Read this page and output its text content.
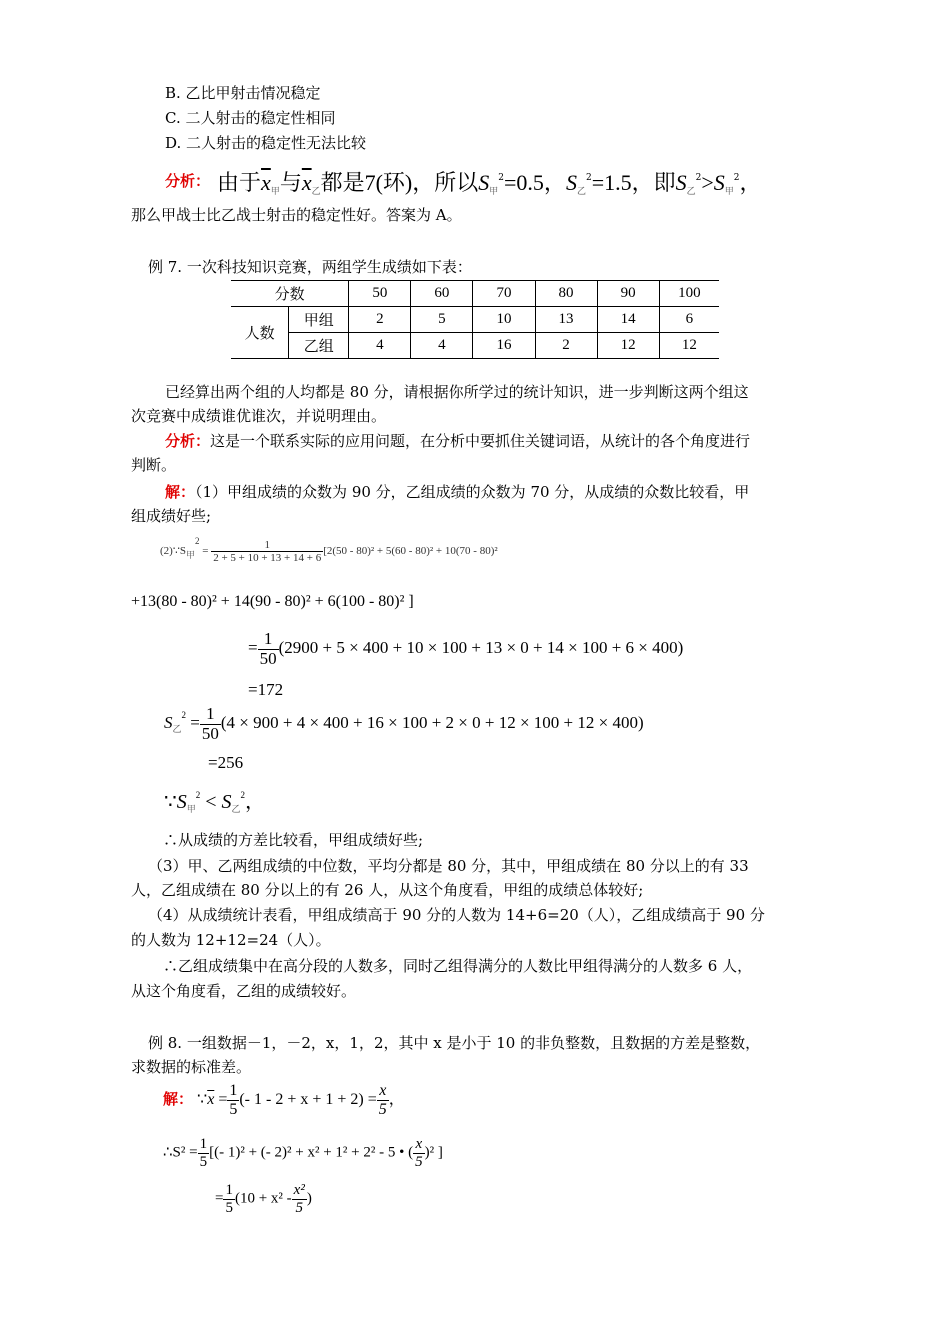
B. 乙比甲射击情况稳定
C. 二人射击的稳定性相同
D. 二人射击的稳定性无法比较
分析： 由于$\overline{x}_甲$与$\overline{x}_乙$都是7(环)，所以$S_甲^2=0.5$，$S_乙^2=1.5$，即$S_乙^2>S_甲^2$，
那么甲战士比乙战士射击的稳定性好。答案为 A。
例 7. 一次科技知识竞赛，两组学生成绩如下表：
分数		50	60	70	80	90	100
人数	甲组	2	5	10	13	14	6
	乙组	4	4	16	2	12	12
已经算出两个组的人均都是 80 分，请根据你所学过的统计知识，进一步判断这两个组这
次竞赛中成绩谁优谁次，并说明理由。
分析：这是一个联系实际的应用问题，在分析中要抓住关键词语，从统计的各个角度进行
判断。
解：（1）甲组成绩的众数为 90 分，乙组成绩的众数为 70 分，从成绩的众数比较看，甲
组成绩好些;
$(2)\because S_甲^2 = \frac{1}{2 + 5 + 10 + 13 + 14 + 6} [2(50 - 80)^2 + 5(60 - 80)^2 + 10(70 - 80)^2$
+13(80 - 80)² + 14(90 - 80)² + 6(100 - 80)² ]
= $\frac{1}{50} (2900 + 5 \times 400 + 10 \times 100 + 13 \times 0 + 14 \times 100 + 6 \times 400)$
=172
$S_乙^2 = \frac{1}{50} (4 \times 900 + 4 \times 400 + 16 \times 100 + 2 \times 0 + 12 \times 100 + 12 \times 400)$
=256
$\because S_甲^2 < S_乙^2$，
∴从成绩的方差比较看，甲组成绩好些;
（3）甲、乙两组成绩的中位数，平均分都是 80 分，其中，甲组成绩在 80 分以上的有 33
人，乙组成绩在 80 分以上的有 26 人，从这个角度看，甲组的成绩总体较好;
（4）从成绩统计表看，甲组成绩高于 90 分的人数为 14+6=20（人），乙组成绩高于 90 分
的人数为 12+12=24（人）。
∴乙组成绩集中在高分段的人数多，同时乙组得满分的人数比甲组得满分的人数多 6 人，
从这个角度看，乙组的成绩较好。
例 8. 一组数据－1，－2，x，1，2，其中 x 是小于 10 的非负整数，且数据的方差是整数，
求数据的标准差。
解： $\because\overline{x} = \frac{1}{5}$ (- $1 - 2 + x + 1 + 2) = \frac{x}{5}$ ，
∴S² = $\frac{1}{5}$ [(- 1)² + (- 2)² + x² + 1² + 2² - 5 • ( $\frac{x}{5} )^2$ ]
= $\frac{1}{5} (10 + x^2 - \frac{\text{x²}}{5}$ )
